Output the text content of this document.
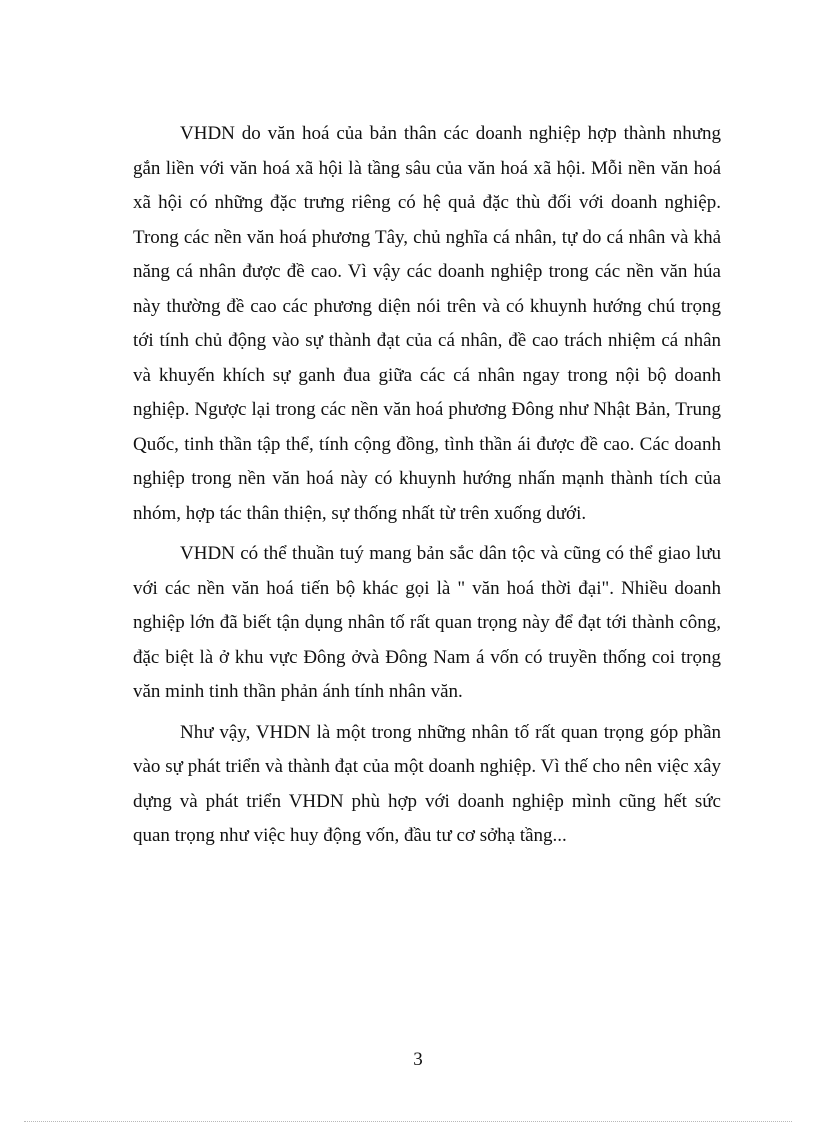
VHDN do văn hoá của bản thân các doanh nghiệp hợp thành nhưng gắn liền với văn hoá xã hội là tầng sâu của văn hoá xã hội. Mỗi nền văn hoá xã hội có những đặc trưng riêng có hệ quả đặc thù đối với doanh nghiệp. Trong các nền văn hoá phương Tây, chủ nghĩa cá nhân, tự do cá nhân và khả năng cá nhân được đề cao. Vì vậy các doanh nghiệp trong các nền văn húa này thường đề cao các phương diện nói trên và có khuynh hướng chú trọng tới tính chủ động vào sự thành đạt của cá nhân, đề cao trách nhiệm cá nhân và khuyến khích sự ganh đua giữa các cá nhân ngay trong nội bộ doanh nghiệp. Ngược lại trong các nền văn hoá phương Đông như Nhật Bản, Trung Quốc, tinh thần tập thể, tính cộng đồng, tình thần ái được đề cao. Các doanh nghiệp trong nền văn hoá này có khuynh hướng nhấn mạnh thành tích của nhóm, hợp tác thân thiện, sự thống nhất từ trên xuống dưới.

VHDN có thể thuần tuý mang bản sắc dân tộc và cũng có thể giao lưu với các nền văn hoá tiến bộ khác gọi là " văn hoá thời đại". Nhiều doanh nghiệp lớn đã biết tận dụng nhân tố rất quan trọng này để đạt tới thành công, đặc biệt là ở khu vực Đông ởvà Đông Nam á vốn có truyền thống coi trọng văn minh tinh thần phản ánh tính nhân văn.

Như vậy, VHDN là một trong những nhân tố rất quan trọng góp phần vào sự phát triển và thành đạt của một doanh nghiệp. Vì thế cho nên việc xây dựng và phát triển VHDN phù hợp với doanh nghiệp mình cũng hết sức quan trọng như việc huy động vốn, đầu tư cơ sởhạ tầng...

3
